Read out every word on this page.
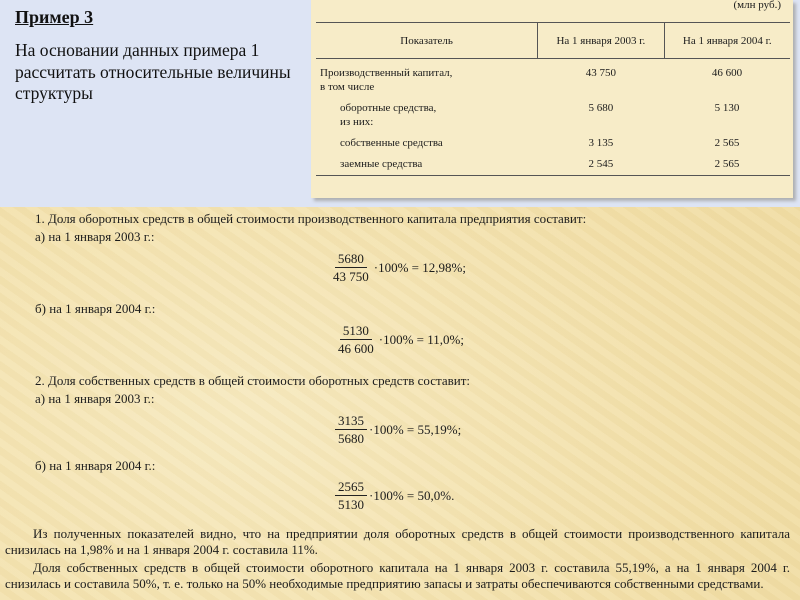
Пример 3

На основании данных примера 1 рассчитать относительные величины структуры

(млн руб.)
Показатель	На 1 января 2003 г.	На 1 января 2004 г.

Производственный капитал,	43 750	46 600
в том числе		

оборотные средства,	5 680	5 130
из них:		

собственные средства	3 135	2 565

заемные средства	2 545	2 565
1. Доля оборотных средств в общей стоимости производственного капитала предприятия составит:
а) на 1 января 2003 г.:
$\frac{5680}{43 750} \cdot 100\% = 12,98\%$;
б) на 1 января 2004 г.:
$\frac{5130}{46 600} \cdot 100\% = 11,0\%$;
2. Доля собственных средств в общей стоимости оборотных средств составит:
а) на 1 января 2003 г.:
$\frac{3135}{5680} \cdot 100\% = 55,19\%$;
б) на 1 января 2004 г.:
$\frac{2565}{5130} \cdot 100\% = 50,0\%$.
Из полученных показателей видно, что на предприятии доля оборотных средств в общей стоимости производственного капитала снизилась на 1,98% и на 1 января 2004 г. составила 11%.
Доля собственных средств в общей стоимости оборотного капитала на 1 января 2003 г. составила 55,19%, а на 1 января 2004 г. снизилась и составила 50%, т. е. только на 50% необходимые предприятию запасы и затраты обеспечиваются собственными средствами.
